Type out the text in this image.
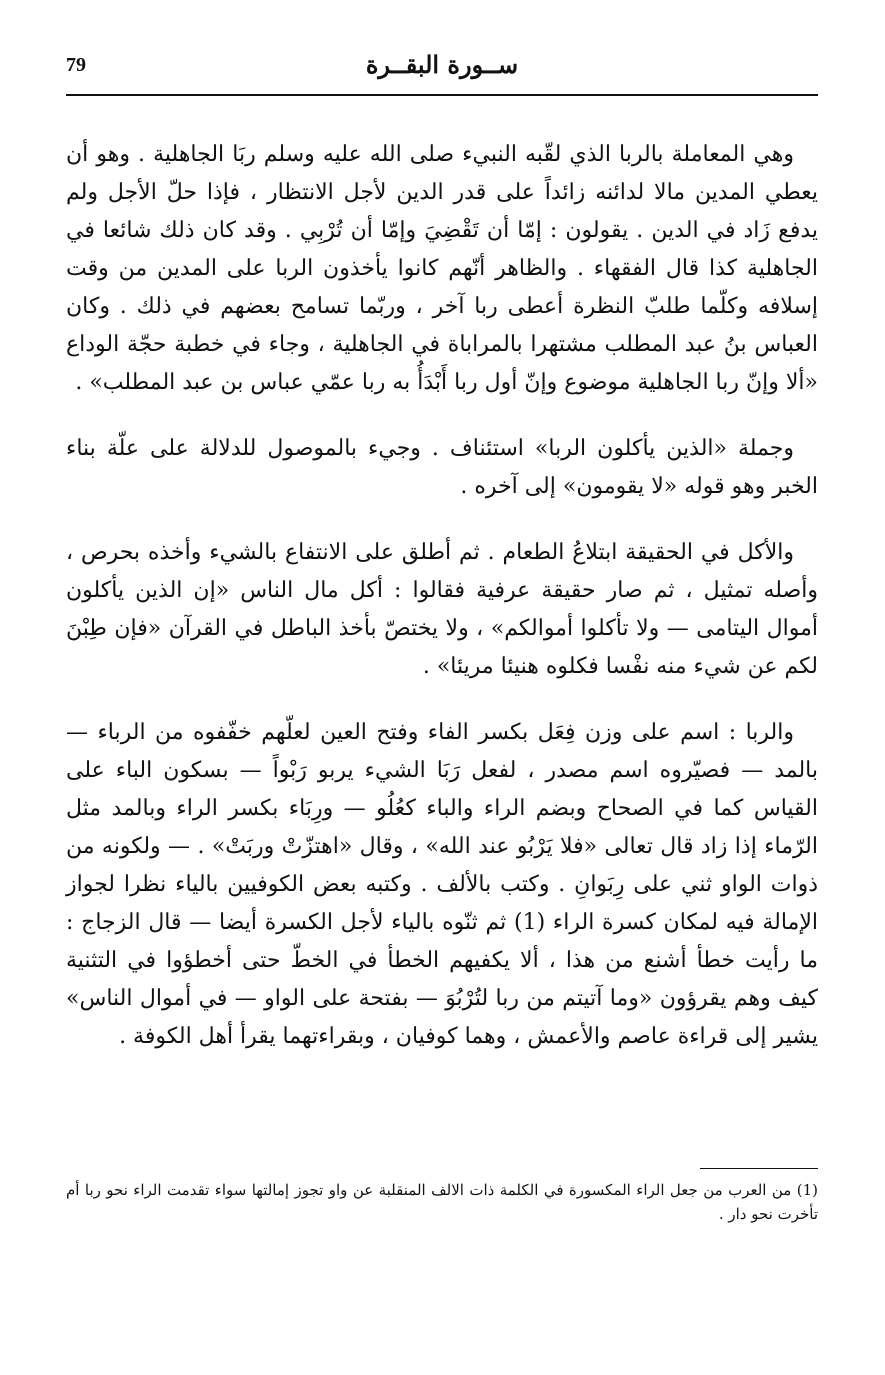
79	ســورة البقــرة

وهي المعاملة بالربا الذي لقّبه النبيء صلى الله عليه وسلم ربَا الجاهلية . وهو أن يعطي المدين مالا لدائنه زائداً على قدر الدين لأجل الانتظار ، فإذا حلّ الأجل ولم يدفع زَاد في الدين . يقولون : إمّا أن تَقْضِيَ وإمّا أن تُرْبِي . وقد كان ذلك شائعا في الجاهلية كذا قال الفقهاء . والظاهر أنّهم كانوا يأخذون الربا على المدين من وقت إسلافه وكلّما طلبّ النظرة أعطى ربا آخر ، وربّما تسامح بعضهم في ذلك . وكان العباس بنُ عبد المطلب مشتهرا بالمراباة في الجاهلية ، وجاء في خطبة حجّة الوداع «ألا وإنّ ربا الجاهلية موضوع وإنّ أول ربا أَبْدَأُ به ربا عمّي عباس بن عبد المطلب» .

وجملة «الذين يأكلون الربا» استئناف . وجيء بالموصول للدلالة على علّة بناء الخبر وهو قوله «لا يقومون» إلى آخره .

والأكل في الحقيقة ابتلاعُ الطعام . ثم أطلق على الانتفاع بالشيء وأخذه بحرص ، وأصله تمثيل ، ثم صار حقيقة عرفية فقالوا : أكل مال الناس «إن الذين يأكلون أموال اليتامى — ولا تأكلوا أموالكم» ، ولا يختصّ بأخذ الباطل في القرآن «فإن طِبْنَ لكم عن شيء منه نفْسا فكلوه هنيئا مريئا» .

والربا : اسم على وزن فِعَل بكسر الفاء وفتح العين لعلّهم خفّفوه من الرباء — بالمد — فصيّروه اسم مصدر ، لفعل رَبَا الشيء يربو رَبْواً — بسكون الباء على القياس كما في الصحاح وبضم الراء والباء كعُلُو — ورِبَاء بكسر الراء وبالمد مثل الرّماء إذا زاد قال تعالى «فلا يَرْبُو عند الله» ، وقال «اهتزّتْ وربَتْ» . — ولكونه من ذوات الواو ثني على رِبَوانِ . وكتب بالألف . وكتبه بعض الكوفيين بالياء نظرا لجواز الإمالة فيه لمكان كسرة الراء (1) ثم ثنّوه بالياء لأجل الكسرة أيضا — قال الزجاج : ما رأيت خطأ أشنع من هذا ، ألا يكفيهم الخطأ في الخطّ حتى أخطؤوا في التثنية كيف وهم يقرؤون «وما آتيتم من ربا لتُرْبُوَ — بفتحة على الواو — في أموال الناس» يشير إلى قراءة عاصم والأعمش ، وهما كوفيان ، وبقراءتهما يقرأ أهل الكوفة .

(1) من العرب من جعل الراء المكسورة في الكلمة ذات الالف المنقلبة عن واو تجوز إمالتها سواء تقدمت الراء نحو ربا أم تأخرت نحو دار .
